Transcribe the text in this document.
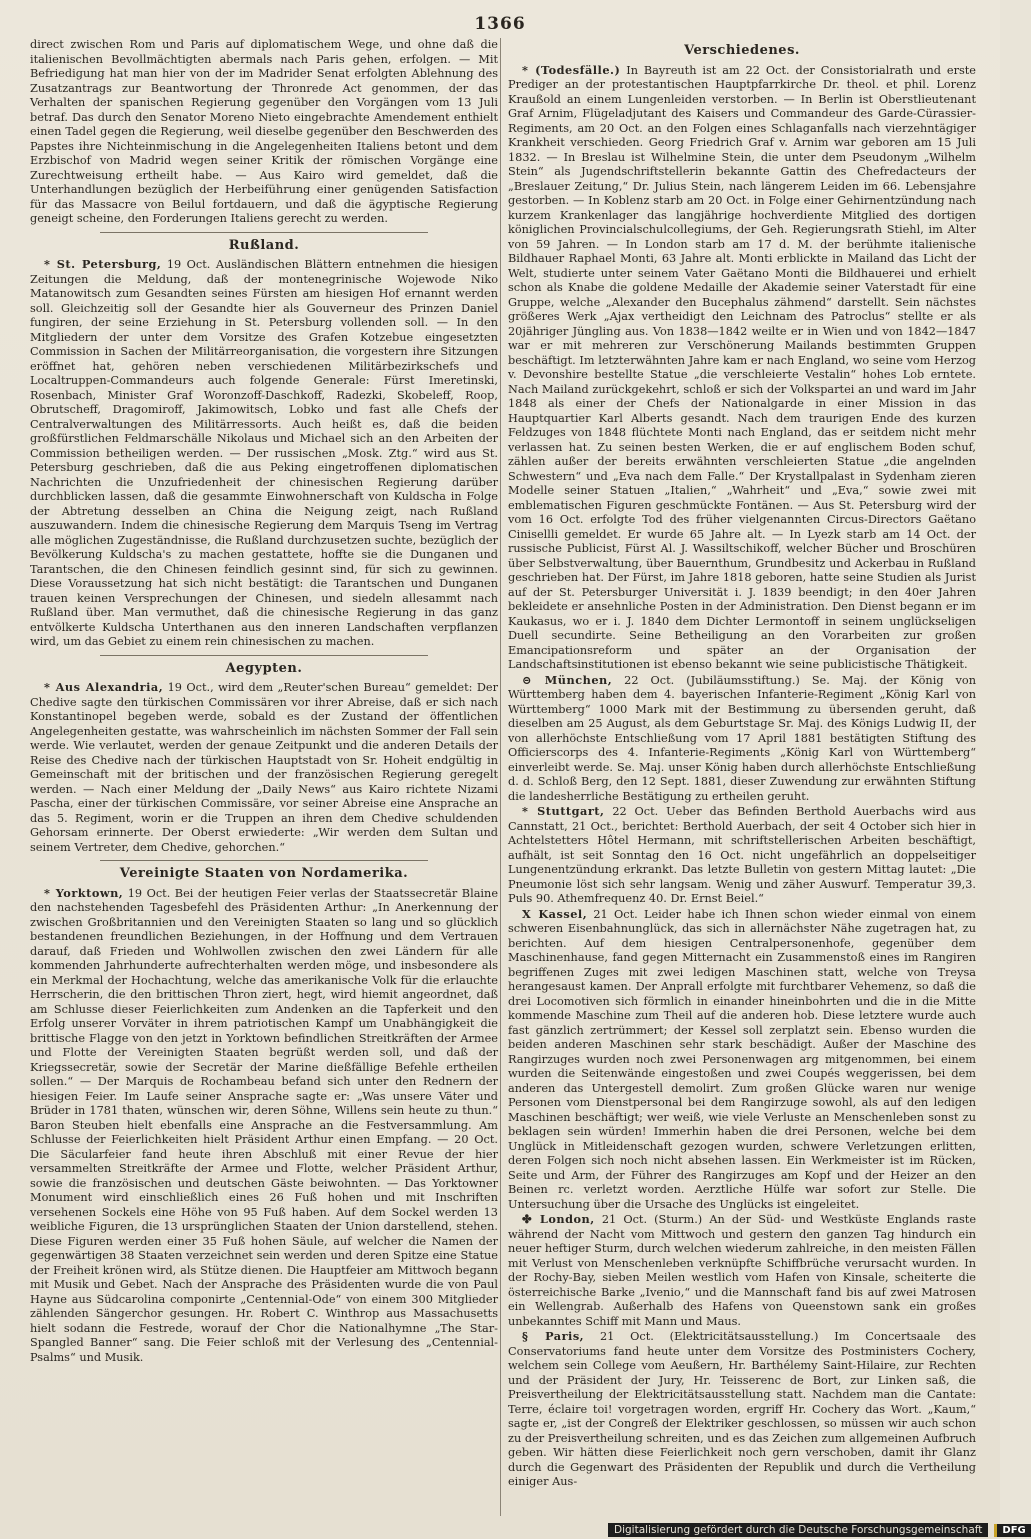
1366

direct zwischen Rom und Paris auf diplomatischem Wege, und ohne daß die italienischen Bevollmächtigten abermals nach Paris gehen, erfolgen. — Mit Befriedigung hat man hier von der im Madrider Senat erfolgten Ablehnung des Zusatzantrags zur Beantwortung der Thronrede Act genommen, der das Verhalten der spanischen Regierung gegenüber den Vorgängen vom 13 Juli betraf. Das durch den Senator Moreno Nieto eingebrachte Amendement enthielt einen Tadel gegen die Regierung, weil dieselbe gegenüber den Beschwerden des Papstes ihre Nichteinmischung in die Angelegenheiten Italiens betont und dem Erzbischof von Madrid wegen seiner Kritik der römischen Vorgänge eine Zurechtweisung ertheilt habe. — Aus Kairo wird gemeldet, daß die Unterhandlungen bezüglich der Herbeiführung einer genügenden Satisfaction für das Massacre von Beilul fortdauern, und daß die ägyptische Regierung geneigt scheine, den Forderungen Italiens gerecht zu werden.

Rußland.

* St. Petersburg, 19 Oct. Ausländischen Blättern entnehmen die hiesigen Zeitungen die Meldung, daß der montenegrinische Wojewode Niko Matanowitsch zum Gesandten seines Fürsten am hiesigen Hof ernannt werden soll. Gleichzeitig soll der Gesandte hier als Gouverneur des Prinzen Daniel fungiren, der seine Erziehung in St. Petersburg vollenden soll. — In den Mitgliedern der unter dem Vorsitze des Grafen Kotzebue eingesetzten Commission in Sachen der Militärreorganisation, die vorgestern ihre Sitzungen eröffnet hat, gehören neben verschiedenen Militärbezirkschefs und Localtruppen-Commandeurs auch folgende Generale: Fürst Imeretinski, Rosenbach, Minister Graf Woronzoff-Daschkoff, Radezki, Skobeleff, Roop, Obrutscheff, Dragomiroff, Jakimowitsch, Lobko und fast alle Chefs der Centralverwaltungen des Militärressorts. Auch heißt es, daß die beiden großfürstlichen Feldmarschälle Nikolaus und Michael sich an den Arbeiten der Commission betheiligen werden. — Der russischen „Mosk. Ztg.“ wird aus St. Petersburg geschrieben, daß die aus Peking eingetroffenen diplomatischen Nachrichten die Unzufriedenheit der chinesischen Regierung darüber durchblicken lassen, daß die gesammte Einwohnerschaft von Kuldscha in Folge der Abtretung desselben an China die Neigung zeigt, nach Rußland auszuwandern. Indem die chinesische Regierung dem Marquis Tseng im Vertrag alle möglichen Zugeständnisse, die Rußland durchzusetzen suchte, bezüglich der Bevölkerung Kuldscha's zu machen gestattete, hoffte sie die Dunganen und Tarantschen, die den Chinesen feindlich gesinnt sind, für sich zu gewinnen. Diese Voraussetzung hat sich nicht bestätigt: die Tarantschen und Dunganen trauen keinen Versprechungen der Chinesen, und siedeln allesammt nach Rußland über. Man vermuthet, daß die chinesische Regierung in das ganz entvölkerte Kuldscha Unterthanen aus den inneren Landschaften verpflanzen wird, um das Gebiet zu einem rein chinesischen zu machen.

Aegypten.

* Aus Alexandria, 19 Oct., wird dem „Reuter'schen Bureau“ gemeldet: Der Chedive sagte den türkischen Commissären vor ihrer Abreise, daß er sich nach Konstantinopel begeben werde, sobald es der Zustand der öffentlichen Angelegenheiten gestatte, was wahrscheinlich im nächsten Sommer der Fall sein werde. Wie verlautet, werden der genaue Zeitpunkt und die anderen Details der Reise des Chedive nach der türkischen Hauptstadt von Sr. Hoheit endgültig in Gemeinschaft mit der britischen und der französischen Regierung geregelt werden. — Nach einer Meldung der „Daily News“ aus Kairo richtete Nizami Pascha, einer der türkischen Commissäre, vor seiner Abreise eine Ansprache an das 5. Regiment, worin er die Truppen an ihren dem Chedive schuldenden Gehorsam erinnerte. Der Oberst erwiederte: „Wir werden dem Sultan und seinem Vertreter, dem Chedive, gehorchen.“

Vereinigte Staaten von Nordamerika.

* Yorktown, 19 Oct. Bei der heutigen Feier verlas der Staatssecretär Blaine den nachstehenden Tagesbefehl des Präsidenten Arthur: „In Anerkennung der zwischen Großbritannien und den Vereinigten Staaten so lang und so glücklich bestandenen freundlichen Beziehungen, in der Hoffnung und dem Vertrauen darauf, daß Frieden und Wohlwollen zwischen den zwei Ländern für alle kommenden Jahrhunderte aufrechterhalten werden möge, und insbesondere als ein Merkmal der Hochachtung, welche das amerikanische Volk für die erlauchte Herrscherin, die den brittischen Thron ziert, hegt, wird hiemit angeordnet, daß am Schlusse dieser Feierlichkeiten zum Andenken an die Tapferkeit und den Erfolg unserer Vorväter in ihrem patriotischen Kampf um Unabhängigkeit die brittische Flagge von den jetzt in Yorktown befindlichen Streitkräften der Armee und Flotte der Vereinigten Staaten begrüßt werden soll, und daß der Kriegssecretär, sowie der Secretär der Marine dießfällige Befehle ertheilen sollen.“ — Der Marquis de Rochambeau befand sich unter den Rednern der hiesigen Feier. Im Laufe seiner Ansprache sagte er: „Was unsere Väter und Brüder in 1781 thaten, wünschen wir, deren Söhne, Willens sein heute zu thun.“ Baron Steuben hielt ebenfalls eine Ansprache an die Festversammlung. Am Schlusse der Feierlichkeiten hielt Präsident Arthur einen Empfang. — 20 Oct. Die Säcularfeier fand heute ihren Abschluß mit einer Revue der hier versammelten Streitkräfte der Armee und Flotte, welcher Präsident Arthur, sowie die französischen und deutschen Gäste beiwohnten. — Das Yorktowner Monument wird einschließlich eines 26 Fuß hohen und mit Inschriften versehenen Sockels eine Höhe von 95 Fuß haben. Auf dem Sockel werden 13 weibliche Figuren, die 13 ursprünglichen Staaten der Union darstellend, stehen. Diese Figuren werden einer 35 Fuß hohen Säule, auf welcher die Namen der gegenwärtigen 38 Staaten verzeichnet sein werden und deren Spitze eine Statue der Freiheit krönen wird, als Stütze dienen. Die Hauptfeier am Mittwoch begann mit Musik und Gebet. Nach der Ansprache des Präsidenten wurde die von Paul Hayne aus Südcarolina componirte „Centennial-Ode“ von einem 300 Mitglieder zählenden Sängerchor gesungen. Hr. Robert C. Winthrop aus Massachusetts hielt sodann die Festrede, worauf der Chor die Nationalhymne „The Star-Spangled Banner“ sang. Die Feier schloß mit der Verlesung des „Centennial-Psalms“ und Musik.

Verschiedenes.

* (Todesfälle.) In Bayreuth ist am 22 Oct. der Consistorialrath und erste Prediger an der protestantischen Hauptpfarrkirche Dr. theol. et phil. Lorenz Kraußold an einem Lungenleiden verstorben. — In Berlin ist Oberstlieutenant Graf Arnim, Flügeladjutant des Kaisers und Commandeur des Garde-Cürassier-Regiments, am 20 Oct. an den Folgen eines Schlaganfalls nach vierzehntägiger Krankheit verschieden. Georg Friedrich Graf v. Arnim war geboren am 15 Juli 1832. — In Breslau ist Wilhelmine Stein, die unter dem Pseudonym „Wilhelm Stein“ als Jugendschriftstellerin bekannte Gattin des Chefredacteurs der „Breslauer Zeitung,“ Dr. Julius Stein, nach längerem Leiden im 66. Lebensjahre gestorben. — In Koblenz starb am 20 Oct. in Folge einer Gehirnentzündung nach kurzem Krankenlager das langjährige hochverdiente Mitglied des dortigen königlichen Provincialschulcollegiums, der Geh. Regierungsrath Stiehl, im Alter von 59 Jahren. — In London starb am 17 d. M. der berühmte italienische Bildhauer Raphael Monti, 63 Jahre alt. Monti erblickte in Mailand das Licht der Welt, studierte unter seinem Vater Gaëtano Monti die Bildhauerei und erhielt schon als Knabe die goldene Medaille der Akademie seiner Vaterstadt für eine Gruppe, welche „Alexander den Bucephalus zähmend“ darstellt. Sein nächstes größeres Werk „Ajax vertheidigt den Leichnam des Patroclus“ stellte er als 20jähriger Jüngling aus. Von 1838—1842 weilte er in Wien und von 1842—1847 war er mit mehreren zur Verschönerung Mailands bestimmten Gruppen beschäftigt. Im letzterwähnten Jahre kam er nach England, wo seine vom Herzog v. Devonshire bestellte Statue „die verschleierte Vestalin“ hohes Lob erntete. Nach Mailand zurückgekehrt, schloß er sich der Volkspartei an und ward im Jahr 1848 als einer der Chefs der Nationalgarde in einer Mission in das Hauptquartier Karl Alberts gesandt. Nach dem traurigen Ende des kurzen Feldzuges von 1848 flüchtete Monti nach England, das er seitdem nicht mehr verlassen hat. Zu seinen besten Werken, die er auf englischem Boden schuf, zählen außer der bereits erwähnten verschleierten Statue „die angelnden Schwestern“ und „Eva nach dem Falle.“ Der Krystallpalast in Sydenham zieren Modelle seiner Statuen „Italien,“ „Wahrheit“ und „Eva,“ sowie zwei mit emblematischen Figuren geschmückte Fontänen. — Aus St. Petersburg wird der vom 16 Oct. erfolgte Tod des früher vielgenannten Circus-Directors Gaëtano Cinisellli gemeldet. Er wurde 65 Jahre alt. — In Lyezk starb am 14 Oct. der russische Publicist, Fürst Al. J. Wassiltschikoff, welcher Bücher und Broschüren über Selbstverwaltung, über Bauernthum, Grundbesitz und Ackerbau in Rußland geschrieben hat. Der Fürst, im Jahre 1818 geboren, hatte seine Studien als Jurist auf der St. Petersburger Universität i. J. 1839 beendigt; in den 40er Jahren bekleidete er ansehnliche Posten in der Administration. Den Dienst begann er im Kaukasus, wo er i. J. 1840 dem Dichter Lermontoff in seinem unglückseligen Duell secundirte. Seine Betheiligung an den Vorarbeiten zur großen Emancipationsreform und später an der Organisation der Landschaftsinstitutionen ist ebenso bekannt wie seine publicistische Thätigkeit.

⊝ München, 22 Oct. (Jubiläumsstiftung.) Se. Maj. der König von Württemberg haben dem 4. bayerischen Infanterie-Regiment „König Karl von Württemberg“ 1000 Mark mit der Bestimmung zu übersenden geruht, daß dieselben am 25 August, als dem Geburtstage Sr. Maj. des Königs Ludwig II, der von allerhöchste Entschließung vom 17 April 1881 bestätigten Stiftung des Officierscorps des 4. Infanterie-Regiments „König Karl von Württemberg“ einverleibt werde. Se. Maj. unser König haben durch allerhöchste Entschließung d. d. Schloß Berg, den 12 Sept. 1881, dieser Zuwendung zur erwähnten Stiftung die landesherrliche Bestätigung zu ertheilen geruht.

* Stuttgart, 22 Oct. Ueber das Befinden Berthold Auerbachs wird aus Cannstatt, 21 Oct., berichtet: Berthold Auerbach, der seit 4 October sich hier in Achtelstetters Hôtel Hermann, mit schriftstellerischen Arbeiten beschäftigt, aufhält, ist seit Sonntag den 16 Oct. nicht ungefährlich an doppelseitiger Lungenentzündung erkrankt. Das letzte Bulletin von gestern Mittag lautet: „Die Pneumonie löst sich sehr langsam. Wenig und zäher Auswurf. Temperatur 39,3. Puls 90. Athemfrequenz 40. Dr. Ernst Beiel.“

X Kassel, 21 Oct. Leider habe ich Ihnen schon wieder einmal von einem schweren Eisenbahnunglück, das sich in allernächster Nähe zugetragen hat, zu berichten. Auf dem hiesigen Centralpersonenhofe, gegenüber dem Maschinenhause, fand gegen Mitternacht ein Zusammenstoß eines im Rangiren begriffenen Zuges mit zwei ledigen Maschinen statt, welche von Treysa herangesaust kamen. Der Anprall erfolgte mit furchtbarer Vehemenz, so daß die drei Locomotiven sich förmlich in einander hineinbohrten und die in die Mitte kommende Maschine zum Theil auf die anderen hob. Diese letztere wurde auch fast gänzlich zertrümmert; der Kessel soll zerplatzt sein. Ebenso wurden die beiden anderen Maschinen sehr stark beschädigt. Außer der Maschine des Rangirzuges wurden noch zwei Personenwagen arg mitgenommen, bei einem wurden die Seitenwände eingestoßen und zwei Coupés weggerissen, bei dem anderen das Untergestell demolirt. Zum großen Glücke waren nur wenige Personen vom Dienstpersonal bei dem Rangirzuge sowohl, als auf den ledigen Maschinen beschäftigt; wer weiß, wie viele Verluste an Menschenleben sonst zu beklagen sein würden! Immerhin haben die drei Personen, welche bei dem Unglück in Mitleidenschaft gezogen wurden, schwere Verletzungen erlitten, deren Folgen sich noch nicht absehen lassen. Ein Werkmeister ist im Rücken, Seite und Arm, der Führer des Rangirzuges am Kopf und der Heizer an den Beinen rc. verletzt worden. Aerztliche Hülfe war sofort zur Stelle. Die Untersuchung über die Ursache des Unglücks ist eingeleitet.

✤ London, 21 Oct. (Sturm.) An der Süd- und Westküste Englands raste während der Nacht vom Mittwoch und gestern den ganzen Tag hindurch ein neuer heftiger Sturm, durch welchen wiederum zahlreiche, in den meisten Fällen mit Verlust von Menschenleben verknüpfte Schiffbrüche verursacht wurden. In der Rochy-Bay, sieben Meilen westlich vom Hafen von Kinsale, scheiterte die österreichische Barke „Ivenio,“ und die Mannschaft fand bis auf zwei Matrosen ein Wellengrab. Außerhalb des Hafens von Queenstown sank ein großes unbekanntes Schiff mit Mann und Maus.

§ Paris, 21 Oct. (Elektricitätsausstellung.) Im Concertsaale des Conservatoriums fand heute unter dem Vorsitze des Postministers Cochery, welchem sein College vom Aeußern, Hr. Barthélemy Saint-Hilaire, zur Rechten und der Präsident der Jury, Hr. Teisserenc de Bort, zur Linken saß, die Preisvertheilung der Elektricitätsausstellung statt. Nachdem man die Cantate: Terre, éclaire toi! vorgetragen worden, ergriff Hr. Cochery das Wort. „Kaum,“ sagte er, „ist der Congreß der Elektriker geschlossen, so müssen wir auch schon zu der Preisvertheilung schreiten, und es das Zeichen zum allgemeinen Aufbruch geben. Wir hätten diese Feierlichkeit noch gern verschoben, damit ihr Glanz durch die Gegenwart des Präsidenten der Republik und durch die Vertheilung einiger Aus-

Digitalisierung gefördert durch die Deutsche Forschungsgemeinschaft	DFG
